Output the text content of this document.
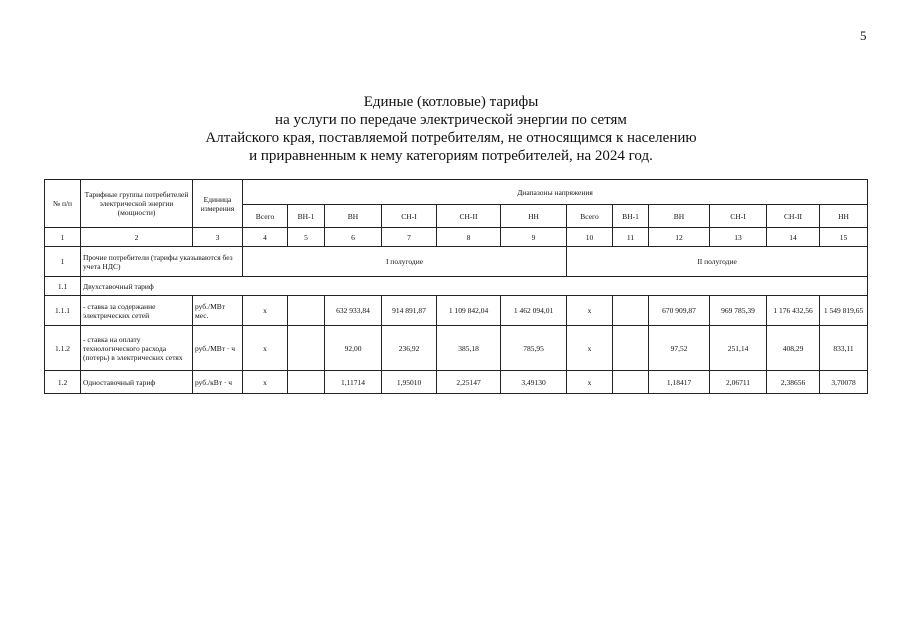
5
Единые (котловые) тарифы
на услуги по передаче электрической энергии по сетям
Алтайского края, поставляемой потребителям, не относящимся к населению
и приравненным к нему категориям потребителей, на 2024 год.
№ п/п	Тарифные группы потребителей электрической энергии (мощности)	Единица измерения	Диапазоны напряжения											
			Всего	ВН-1	ВН	СН-I	СН-II	НН	Всего	ВН-1	ВН	СН-I	СН-II	НН
1	2	3	4	5	6	7	8	9	10	11	12	13	14	15
1	Прочие потребители (тарифы указываются без учета НДС)		I полугодие						II полугодие					
1.1	Двухставочный тариф													
1.1.1	- ставка за содержание электрических сетей	руб./МВт мес.	x		632 933,84	914 891,87	1 109 842,04	1 462 094,01	x		670 909,87	969 785,39	1 176 432,56	1 549 819,65
1.1.2	- ставка на оплату технологического расхода (потерь) в электрических сетях	руб./МВт · ч	x		92,00	236,92	385,18	785,95	x		97,52	251,14	408,29	833,11
1.2	Одноставочный тариф	руб./кВт · ч	x		1,11714	1,95010	2,25147	3,49130	x		1,18417	2,06711	2,38656	3,70078
